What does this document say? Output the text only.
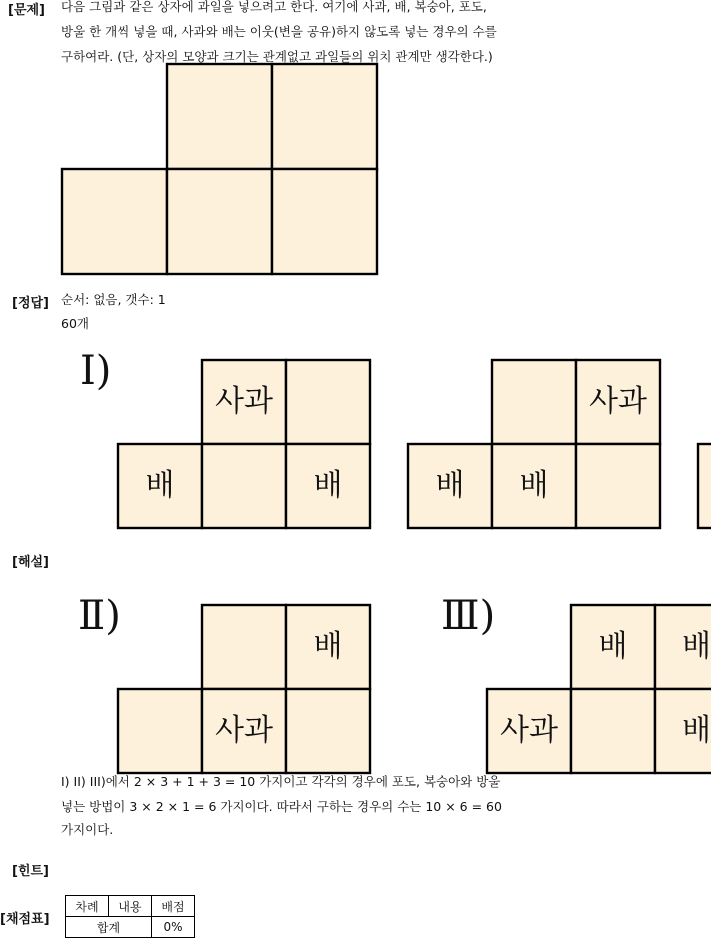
[문제] 다음 그림과 같은 상자에 과일을 넣으려고 한다. 여기에 사과, 배, 복숭아, 포도,
방울 한 개씩 넣을 때, 사과와 배는 이웃(변을 공유)하지 않도록 넣는 경우의 수를
구하여라. (단, 상자의 모양과 크기는 관계없고 과일들의 위치 관계만 생각한다.)
[정답] 순서: 없음, 갯수: 1
60개
Ⅰ)
사과
배	배
사과
배 배
[해설]
Ⅱ)
배
사과
Ⅲ)
배 배
사과	배
I) II) III)에서 2 × 3 + 1 + 3 = 10 가지이고 각각의 경우에 포도, 복숭아와 방울
넣는 방법이 3 × 2 × 1 = 6 가지이다. 따라서 구하는 경우의 수는 10 × 6 = 60
가지이다.
[힌트]
[채점표]
차례	내용	배점
합계		0%
